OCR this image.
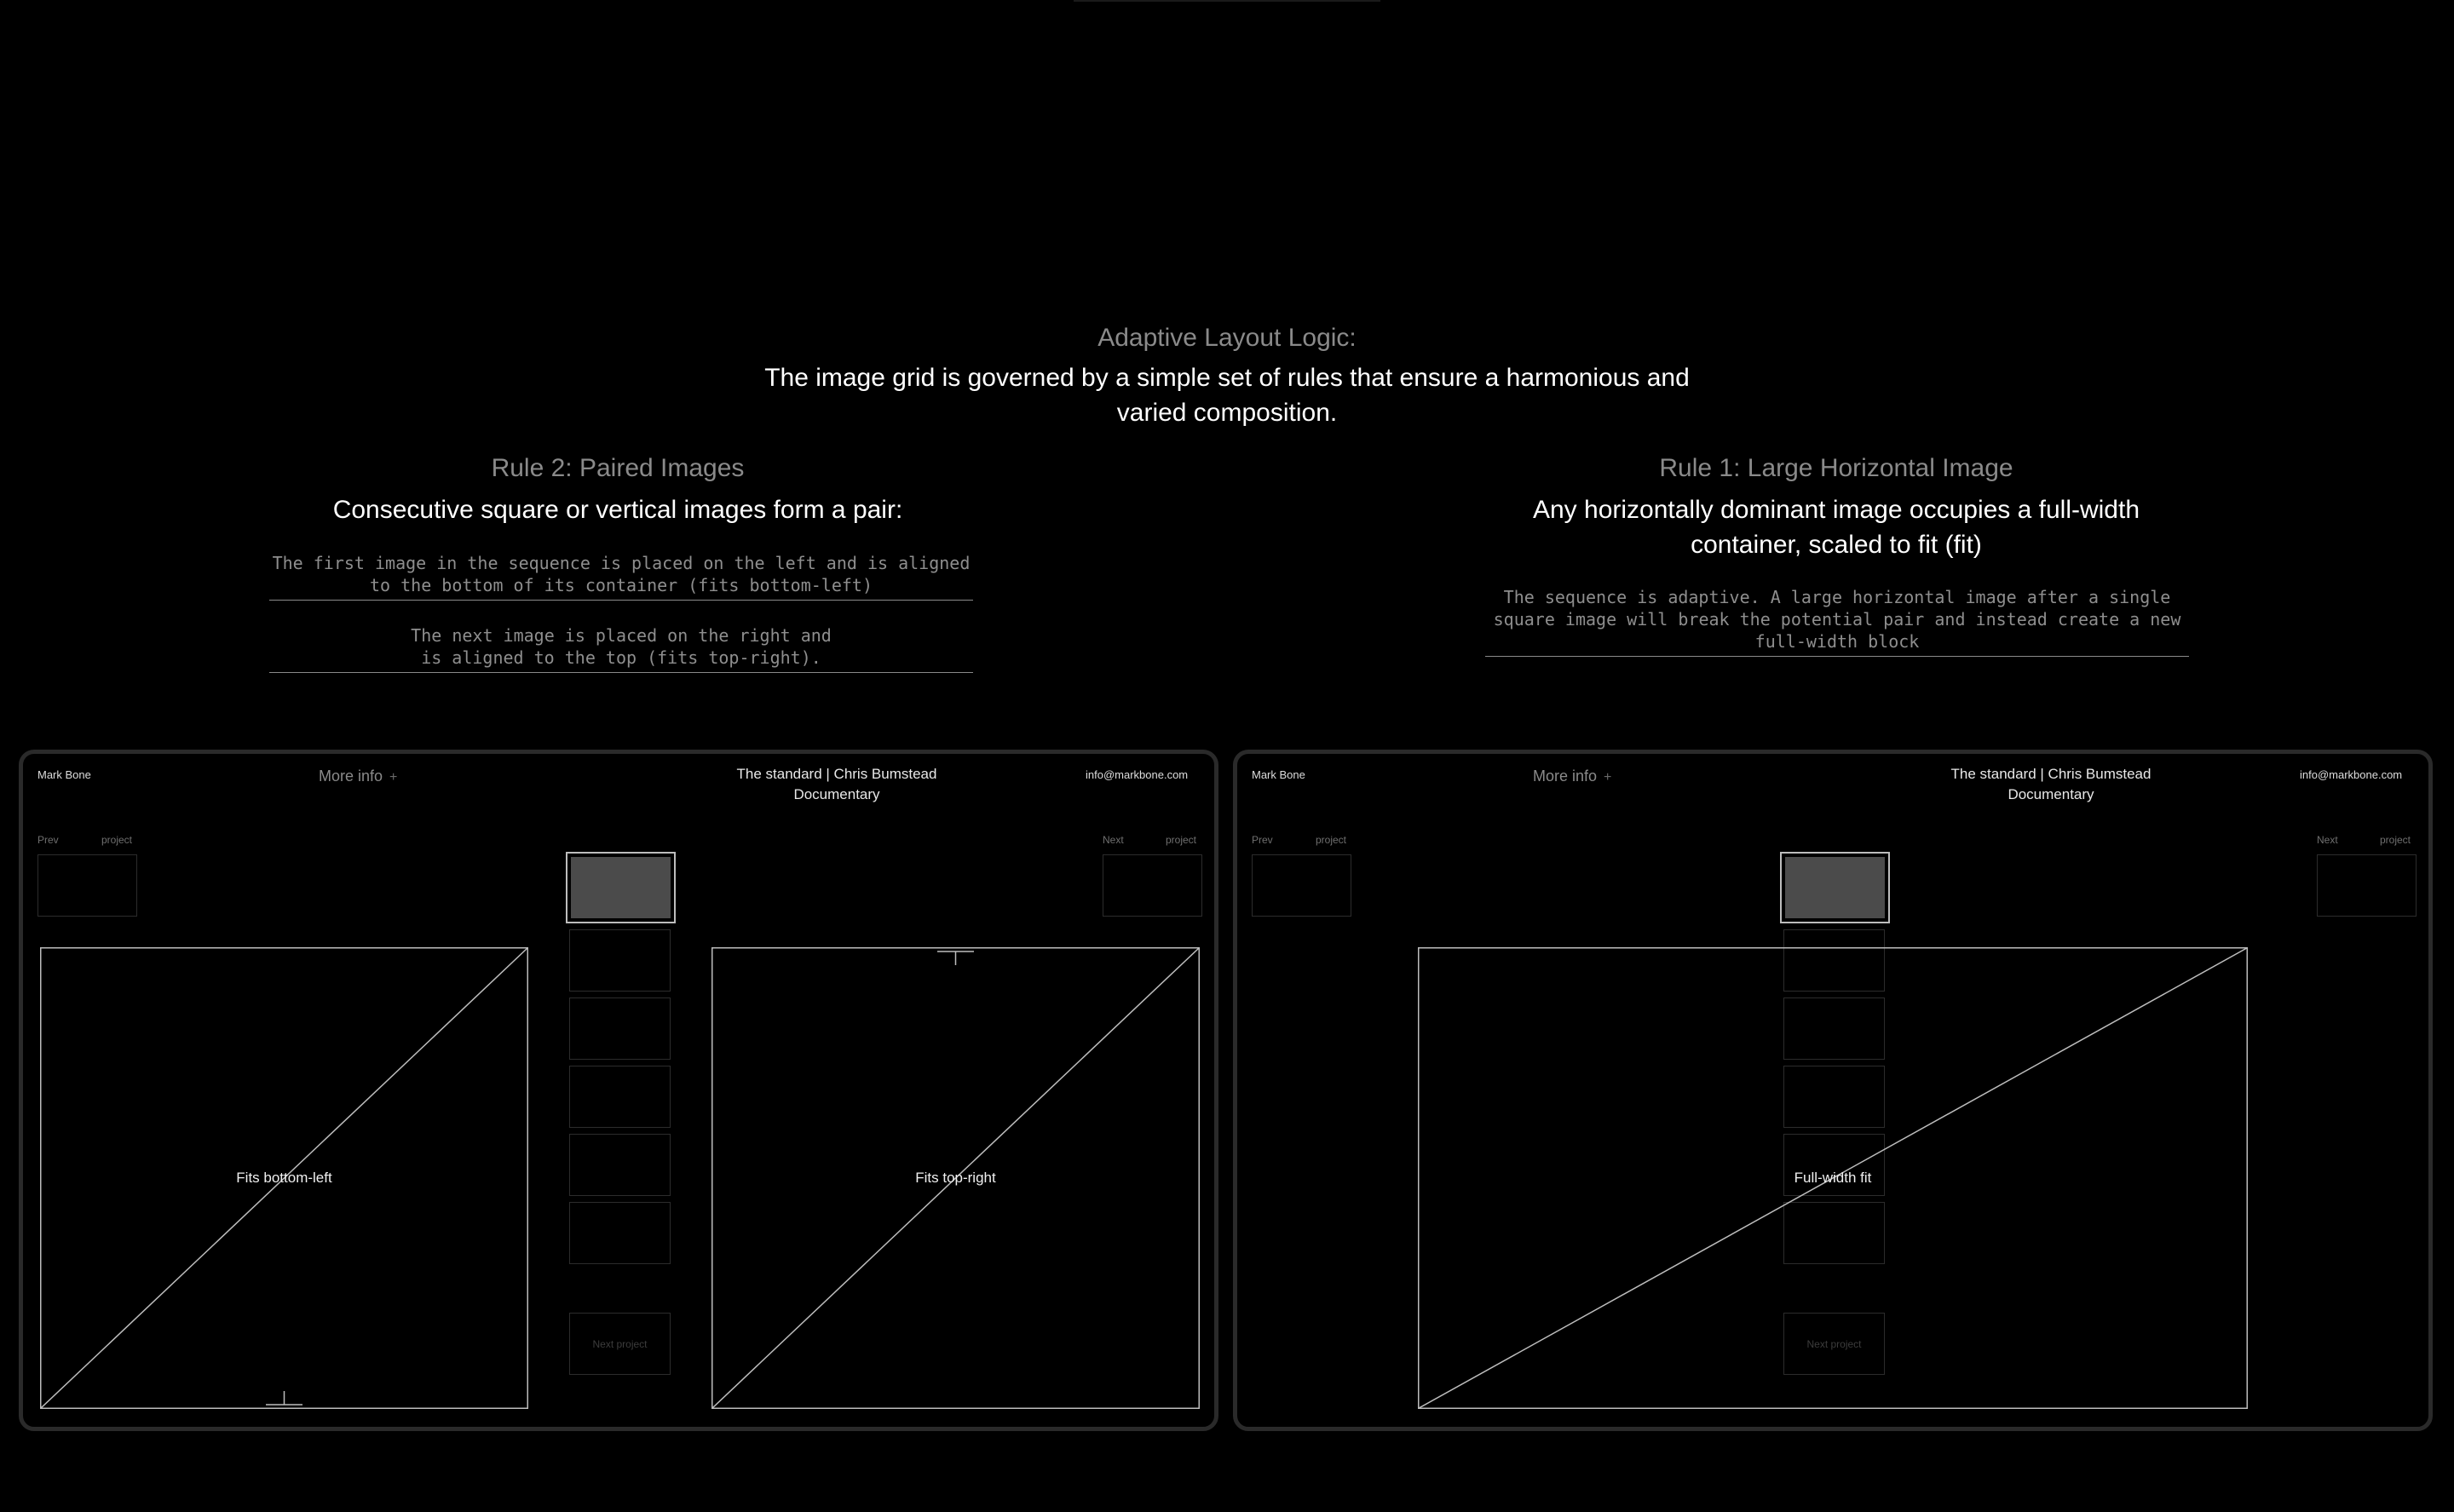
Adaptive Layout Logic:
The image grid is governed by a simple set of rules that ensure a harmonious and varied composition.
Rule 2: Paired Images
Consecutive square or vertical images form a pair:
The first image in the sequence is placed on the left and is aligned to the bottom of its container (fits bottom-left)
The next image is placed on the right and is aligned to the top (fits top-right).
Rule 1: Large Horizontal Image
Any horizontally dominant image occupies a full-width container, scaled to fit (fit)
The sequence is adaptive. A large horizontal image after a single square image will break the potential pair and instead create a new full-width block
Mark Bone	More info +	The standard | Chris Bumstead
Documentary
info@markbone.com
Prev	project	Next	project
Next project
Fits bottom-left	Fits top-right
Mark Bone	More info +	The standard | Chris Bumstead
Documentary
info@markbone.com
Prev	project	Next	project
Next project
Full-width fit
